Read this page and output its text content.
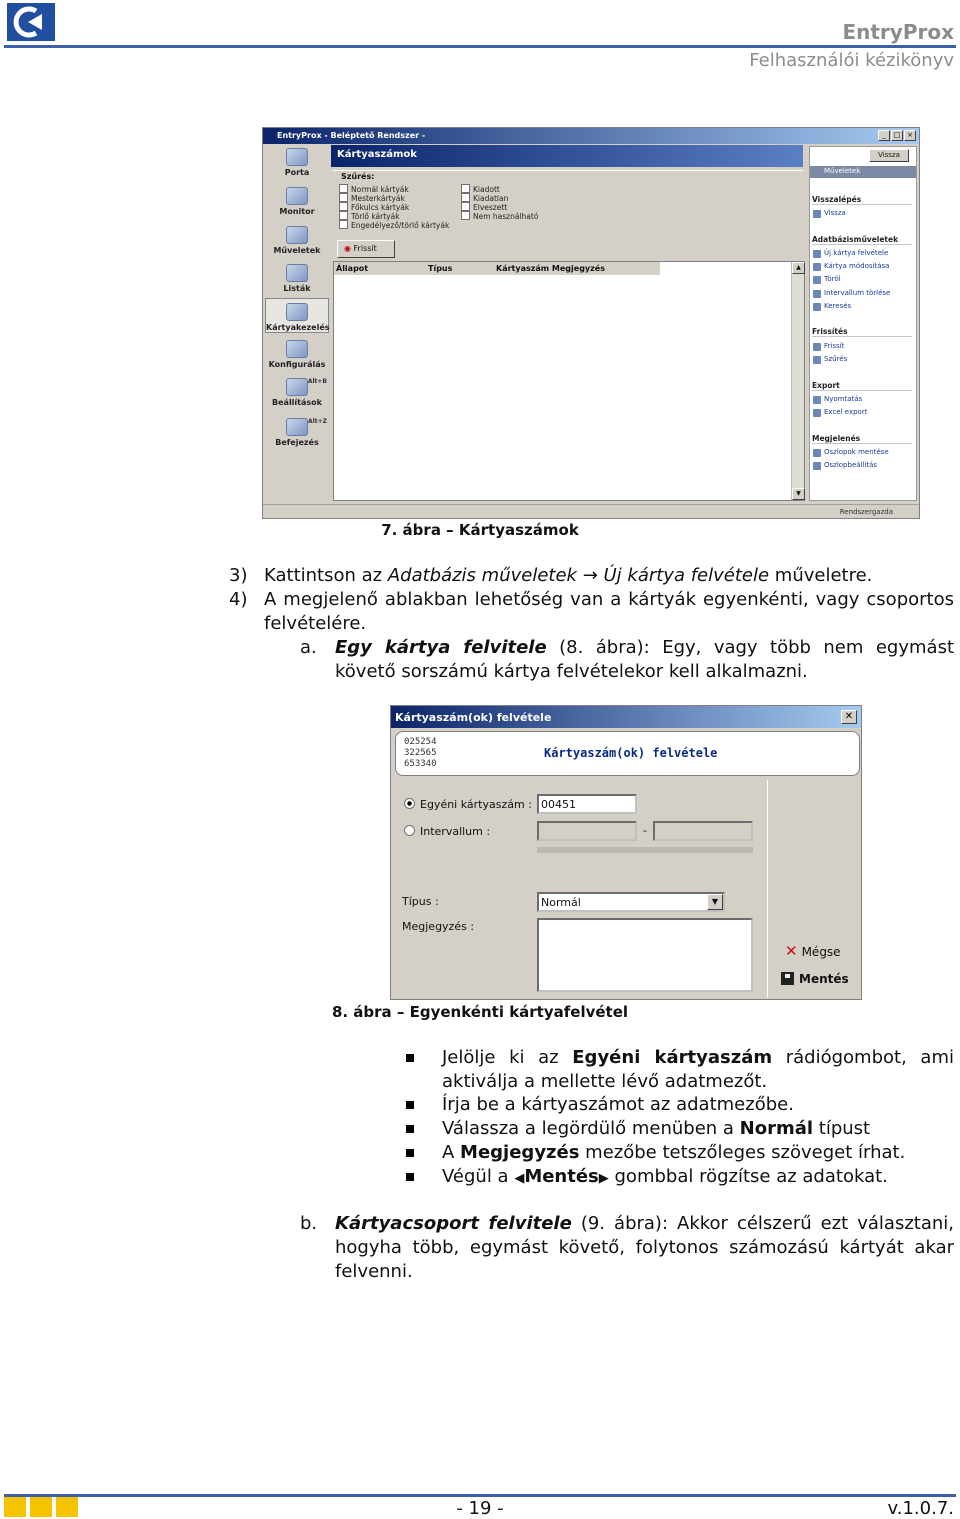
EntryProx
Felhasználói kézikönyv
EntryProx - Beléptető Rendszer -	_	□ ×
Porta
Monitor
Műveletek
Listák
Kártyakezelés
Konfigurálás
Beállítások
Alt+B
Befejezés
Alt+Z
Kártyaszámok
Szűrés:
Normál kártyák
Mesterkártyák
Főkulcs kártyák
Törlő kártyák
Engedélyező/törlő kártyák
Kiadott
Kiadatlan
Elveszett
Nem használható
◉ Frissít
Állapot	Típus	Kártyaszám Megjegyzés	▲
▼
Műveletek
Visszalépés
Vissza
Adatbázisműveletek
Új kártya felvétele
Kártya módosítása
Töröl
Intervallum törlése
Keresés
Frissítés
Frissít
Szűrés
Export
Nyomtatás
Excel export
Megjelenés
Oszlopok mentése
Oszlopbeállítás
Vissza
Rendszergazda
7. ábra – Kártyaszámok
3) Kattintson az Adatbázis műveletek → Új kártya felvétele műveletre.
4) A megjelenő ablakban lehetőség van a kártyák egyenkénti, vagy csoportos felvételére.
a. Egy kártya felvitele (8. ábra): Egy, vagy több nem egymást követő sorszámú kártya felvételekor kell alkalmazni.
Kártyaszám(ok) felvétele	✕
025254
322565
653340
Kártyaszám(ok) felvétele
Egyéni kártyaszám : 00451
Intervallum :	-
Típus :	Normál	▼
Megjegyzés :
✕ Mégse
Mentés
8. ábra – Egyenkénti kártyafelvétel
Jelölje ki az Egyéni kártyaszám rádiógombot, ami aktiválja a mellette lévő adatmezőt.
Írja be a kártyaszámot az adatmezőbe.
Válassza a legördülő menüben a Normál típust
A Megjegyzés mezőbe tetszőleges szöveget írhat.
Végül a ◀Mentés▶ gombbal rögzítse az adatokat.
b. Kártyacsoport felvitele (9. ábra): Akkor célszerű ezt választani, hogyha több, egymást követő, folytonos számozású kártyát akar felvenni.
- 19 -	v.1.0.7.
